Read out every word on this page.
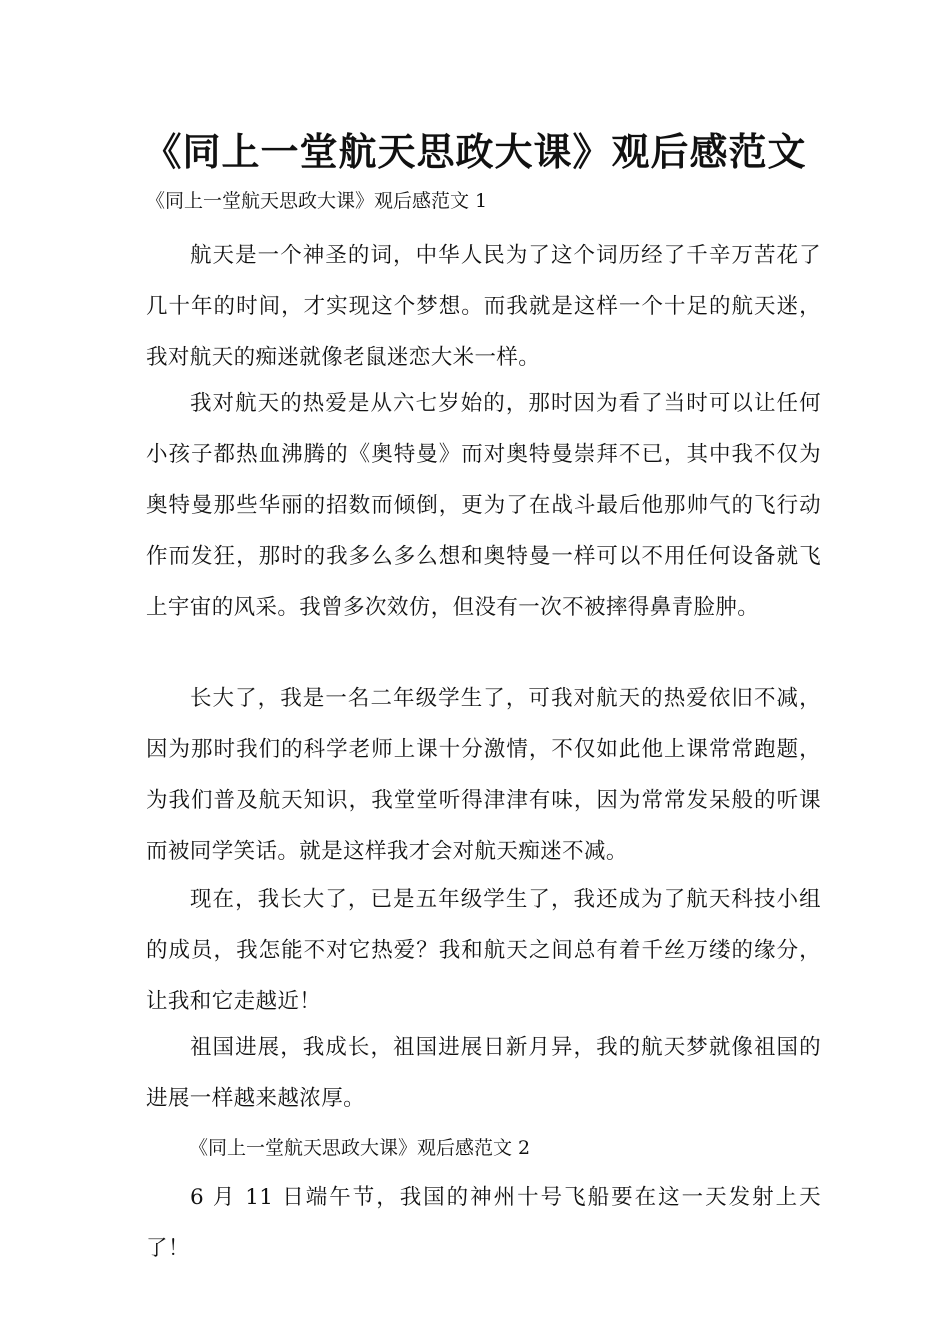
《同上一堂航天思政大课》观后感范文

《同上一堂航天思政大课》观后感范文 1

航天是一个神圣的词，中华人民为了这个词历经了千辛万苦花了几十年的时间，才实现这个梦想。而我就是这样一个十足的航天迷，我对航天的痴迷就像老鼠迷恋大米一样。

我对航天的热爱是从六七岁始的，那时因为看了当时可以让任何小孩子都热血沸腾的《奥特曼》而对奥特曼崇拜不已，其中我不仅为奥特曼那些华丽的招数而倾倒，更为了在战斗最后他那帅气的飞行动作而发狂，那时的我多么多么想和奥特曼一样可以不用任何设备就飞上宇宙的风采。我曾多次效仿，但没有一次不被摔得鼻青脸肿。

长大了，我是一名二年级学生了，可我对航天的热爱依旧不减，因为那时我们的科学老师上课十分激情，不仅如此他上课常常跑题，为我们普及航天知识，我堂堂听得津津有味，因为常常发呆般的听课而被同学笑话。就是这样我才会对航天痴迷不减。

现在，我长大了，已是五年级学生了，我还成为了航天科技小组的成员，我怎能不对它热爱？我和航天之间总有着千丝万缕的缘分，让我和它走越近！

祖国进展，我成长，祖国进展日新月异，我的航天梦就像祖国的进展一样越来越浓厚。

《同上一堂航天思政大课》观后感范文 2

6 月 11 日端午节，我国的神州十号飞船要在这一天发射上天了！
